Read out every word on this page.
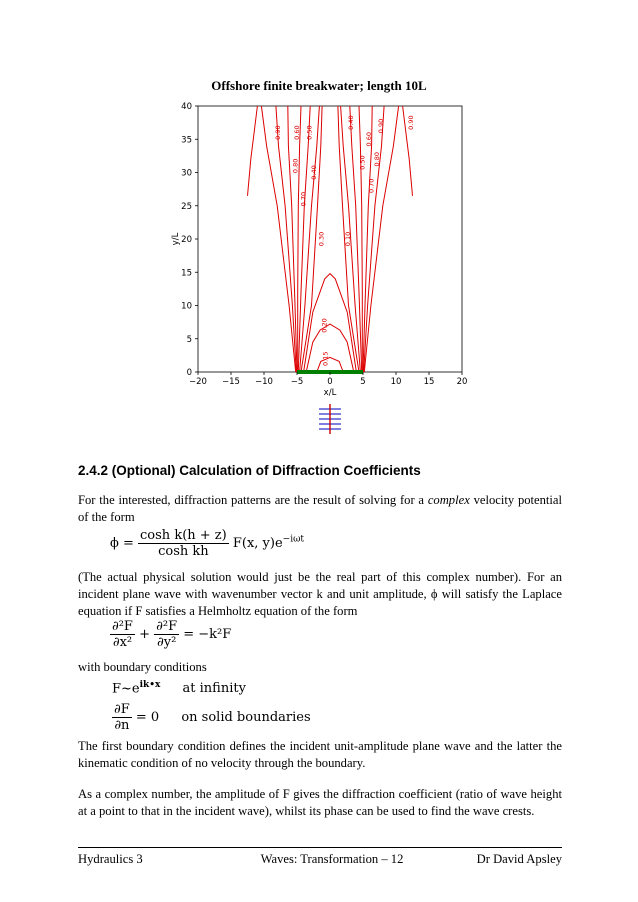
Offshore finite breakwater; length 10L
0.90
0.80
0.70
0.60 0.50
0.40
0.30
0.20
0.15
0.10
0.40
0.50
0.60
0.70
0.80
0.90	0.90
−20 −15 −10 −5	0	5	10	15	20
0
5
10
15
20
25
30
35
40
x/L
y/L
2.4.2 (Optional) Calculation of Diffraction Coefficients
For the interested, diffraction patterns are the result of solving for a complex velocity potential of the form
$\phi = \frac{\text{cosh k(h + z)}}{\text{cosh kh}} F(x$, $y)e^{-i\omega t}$
(The actual physical solution would just be the real part of this complex number). For an incident plane wave with wavenumber vector k and unit amplitude, ϕ will satisfy the Laplace equation if F satisfies a Helmholtz equation of the form
$\frac{\text{∂²F}}{\text{∂x²}} + \frac{\text{∂²F}}{\text{∂y²}} = -k^2F$
with boundary conditions
$F\sim e^{ik•x}$ at infinity
$\frac{\partial F}{\partial n} = 0$ on solid boundaries
The first boundary condition defines the incident unit-amplitude plane wave and the latter the kinematic condition of no velocity through the boundary.
As a complex number, the amplitude of F gives the diffraction coefficient (ratio of wave height at a point to that in the incident wave), whilst its phase can be used to find the wave crests.
Hydraulics 3	Waves: Transformation – 12	Dr David Apsley
